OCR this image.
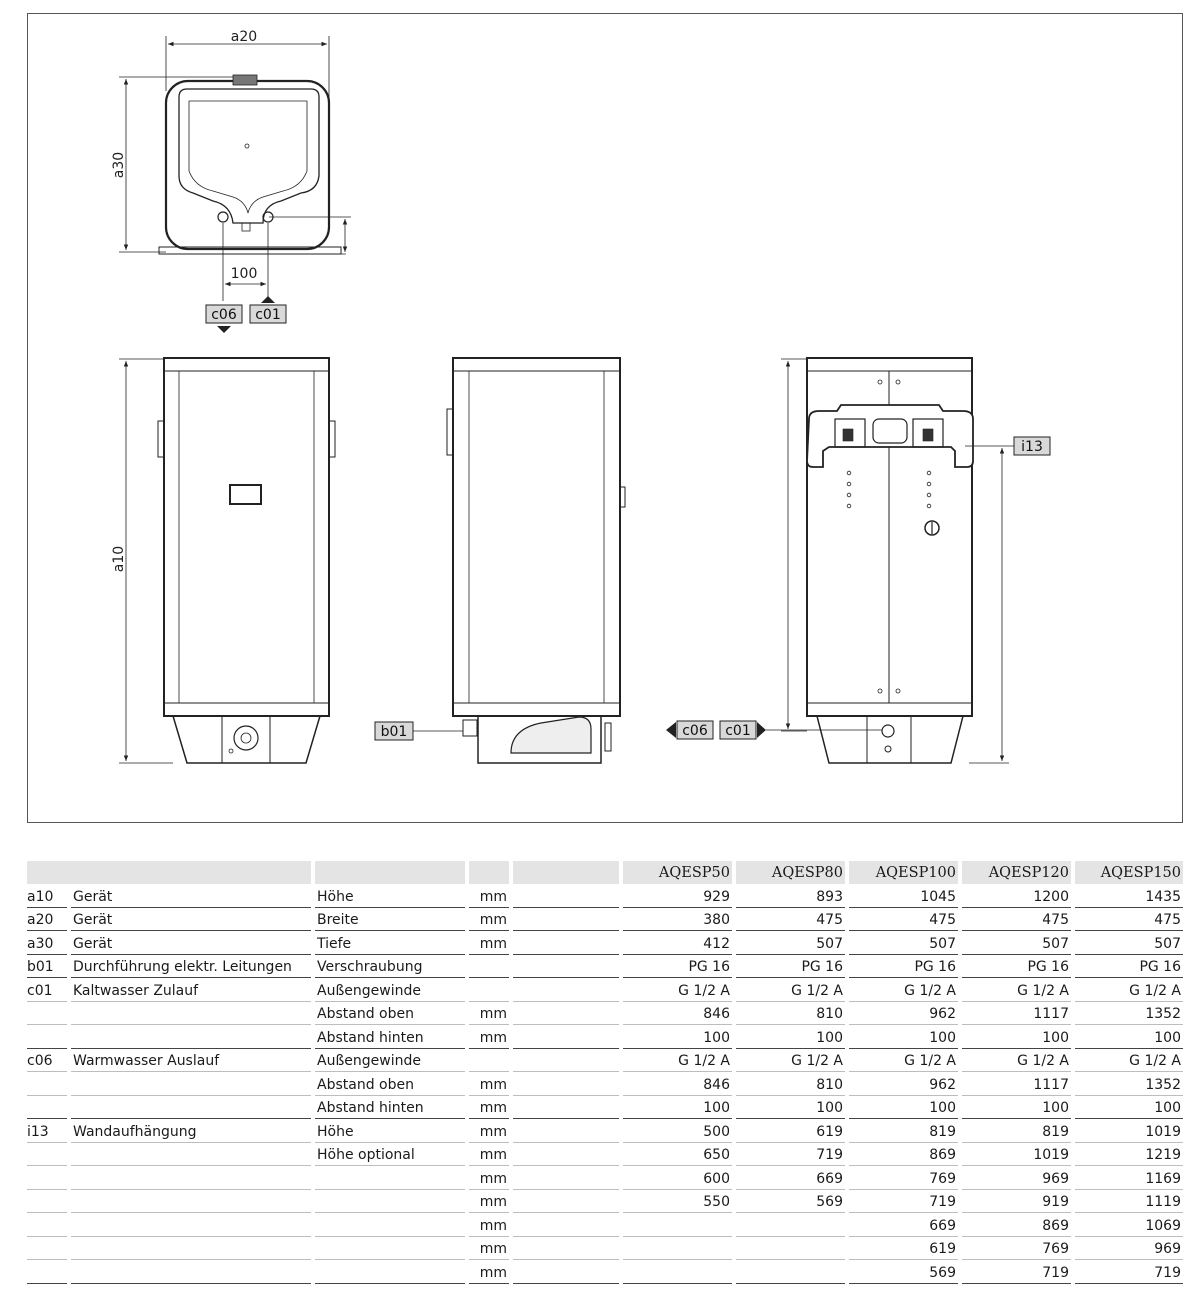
a20
a30
100
c06 c01
a10
b01
i13
c06 c01
					AQESP50	AQESP80	AQESP100	AQESP120	AQESP150
a10	Gerät	Höhe	mm		929	893	1045	1200	1435
a20	Gerät	Breite	mm		380	475	475	475	475
a30	Gerät	Tiefe	mm		412	507	507	507	507
b01	Durchführung elektr. Leitungen	Verschraubung			PG 16	PG 16	PG 16	PG 16	PG 16
c01	Kaltwasser Zulauf	Außengewinde			G 1/2 A	G 1/2 A	G 1/2 A	G 1/2 A	G 1/2 A
		Abstand oben	mm		846	810	962	1117	1352
		Abstand hinten	mm		100	100	100	100	100
c06	Warmwasser Auslauf	Außengewinde			G 1/2 A	G 1/2 A	G 1/2 A	G 1/2 A	G 1/2 A
		Abstand oben	mm		846	810	962	1117	1352
		Abstand hinten	mm		100	100	100	100	100
i13	Wandaufhängung	Höhe	mm		500	619	819	819	1019
		Höhe optional	mm		650	719	869	1019	1219
			mm		600	669	769	969	1169
			mm		550	569	719	919	1119
			mm				669	869	1069
			mm				619	769	969
			mm				569	719	719
